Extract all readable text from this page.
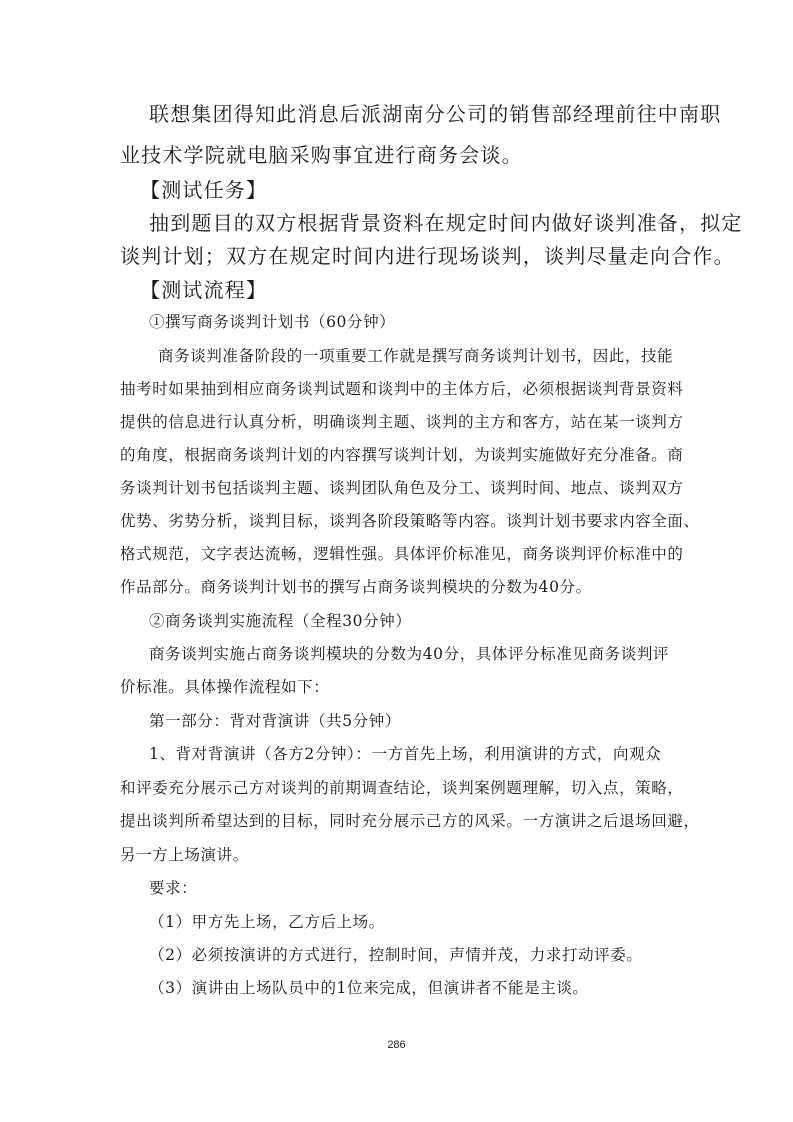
联想集团得知此消息后派湖南分公司的销售部经理前往中南职

业技术学院就电脑采购事宜进行商务会谈。

【测试任务】

抽到题目的双方根据背景资料在规定时间内做好谈判准备，拟定

谈判计划；双方在规定时间内进行现场谈判，谈判尽量走向合作。

【测试流程】

①撰写商务谈判计划书（60分钟）

商务谈判准备阶段的一项重要工作就是撰写商务谈判计划书，因此，技能

抽考时如果抽到相应商务谈判试题和谈判中的主体方后，必须根据谈判背景资料

提供的信息进行认真分析，明确谈判主题、谈判的主方和客方，站在某一谈判方

的角度，根据商务谈判计划的内容撰写谈判计划，为谈判实施做好充分准备。商

务谈判计划书包括谈判主题、谈判团队角色及分工、谈判时间、地点、谈判双方

优势、劣势分析，谈判目标，谈判各阶段策略等内容。谈判计划书要求内容全面、

格式规范，文字表达流畅，逻辑性强。具体评价标准见，商务谈判评价标准中的

作品部分。商务谈判计划书的撰写占商务谈判模块的分数为40分。

②商务谈判实施流程（全程30分钟）

商务谈判实施占商务谈判模块的分数为40分，具体评分标准见商务谈判评

价标准。具体操作流程如下：

第一部分：背对背演讲（共5分钟）

1、背对背演讲（各方2分钟）：一方首先上场，利用演讲的方式，向观众

和评委充分展示己方对谈判的前期调查结论，谈判案例题理解，切入点，策略，

提出谈判所希望达到的目标，同时充分展示己方的风采。一方演讲之后退场回避，

另一方上场演讲。

要求：

（1）甲方先上场，乙方后上场。

（2）必须按演讲的方式进行，控制时间，声情并茂，力求打动评委。

（3）演讲由上场队员中的1位来完成，但演讲者不能是主谈。

286
